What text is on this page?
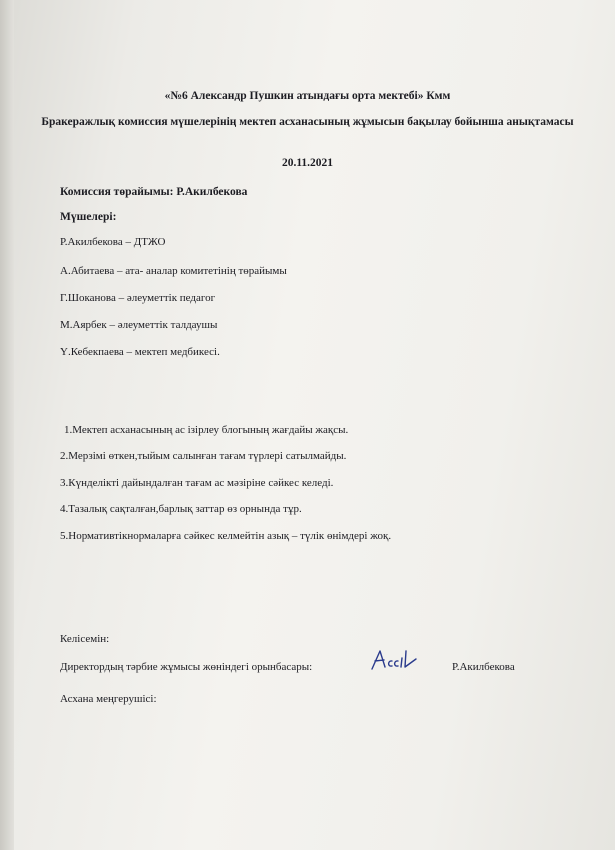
«№6 Александр Пушкин атындағы орта мектебі» Кмм
Бракеражлық комиссия мүшелерінің мектеп асханасының жұмысын бақылау бойынша анықтамасы
20.11.2021
Комиссия төрайымы: Р.Акилбекова
Мүшелері:
Р.Акилбекова – ДТЖО
А.Абитаева – ата- аналар комитетінің төрайымы
Г.Шоканова – әлеуметтік педагог
М.Аярбек – әлеуметтік талдаушы
Ү.Кебекпаева – мектеп медбикесі.
1.Мектеп асханасының ас ізірлеу блогының жағдайы жақсы.
2.Мерзімі өткен,тыйым салынған тағам түрлері сатылмайды.
3.Күнделікті дайындалған тағам ас мәзіріне сәйкес келеді.
4.Тазалық сақталған,барлық заттар өз орнында тұр.
5.Нормативтікнормаларға сәйкес келмейтін азық – түлік өнімдері жоқ.
Келісемін:
Директордың тәрбие жұмысы жөніндегі орынбасары:	Р.Акилбекова
Асхана меңгерушісі:
